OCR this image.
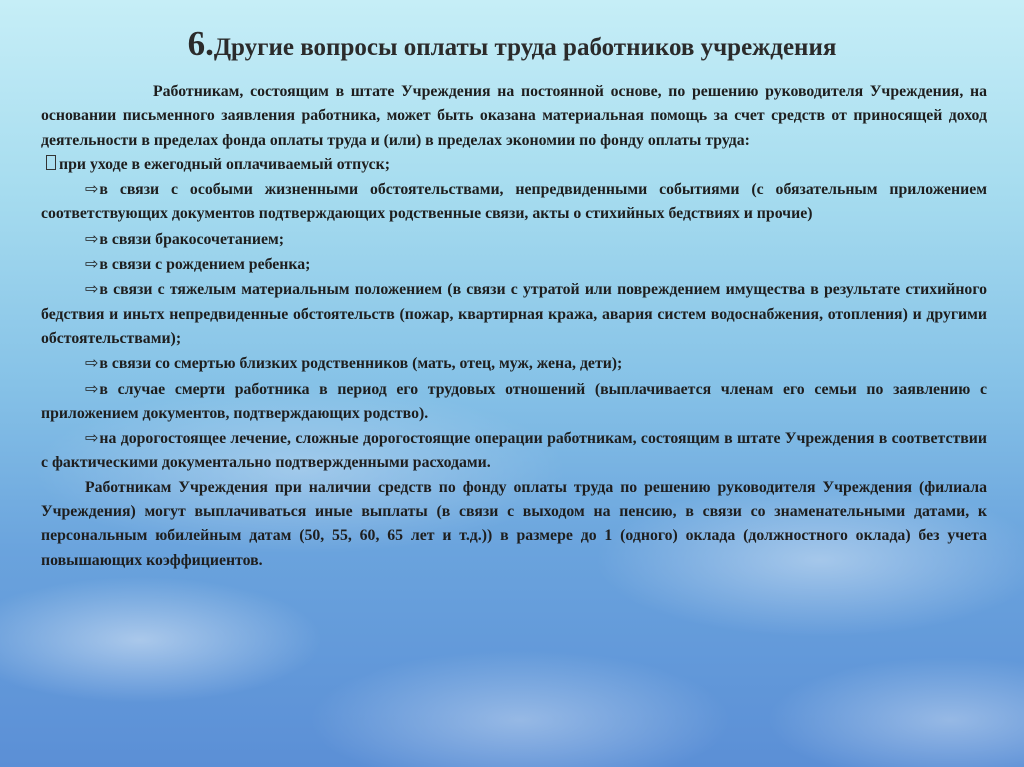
6.Другие вопросы оплаты труда работников учреждения

Работникам, состоящим в штате Учреждения на постоянной основе, по решению руководителя Учреждения, на основании письменного заявления работника, может быть оказана материальная помощь за счет средств от приносящей доход деятельности в пределах фонда оплаты труда и (или) в пределах экономии по фонду оплаты труда:

при уходе в ежегодный оплачиваемый отпуск;

⇨в связи с особыми жизненными обстоятельствами, непредвиденными событиями (с обязательным приложением соответствующих документов подтверждающих родственные связи, акты о стихийных бедствиях и прочие)

⇨в связи бракосочетанием;

⇨в связи с рождением ребенка;

⇨в связи с тяжелым материальным положением (в связи с утратой или повреждением имущества в результате стихийного бедствия и иньтх непредвиденные обстоятельств (пожар, квартирная кража, авария систем водоснабжения, отопления) и другими обстоятельствами);

⇨в связи со смертью близких родственников (мать, отец, муж, жена, дети);

⇨в случае смерти работника в период его трудовых отношений (выплачивается членам его семьи по заявлению с приложением документов, подтверждающих родство).

⇨на дорогостоящее лечение, сложные дорогостоящие операции работникам, состоящим в штате Учреждения в соответствии с фактическими документально подтвержденными расходами.

Работникам Учреждения при наличии средств по фонду оплаты труда по решению руководителя Учреждения (филиала Учреждения) могут выплачиваться иные выплаты (в связи с выходом на пенсию, в связи со знаменательными датами, к персональным юбилейным датам (50, 55, 60, 65 лет и т.д.)) в размере до 1 (одного) оклада (должностного оклада) без учета повышающих коэффициентов.
